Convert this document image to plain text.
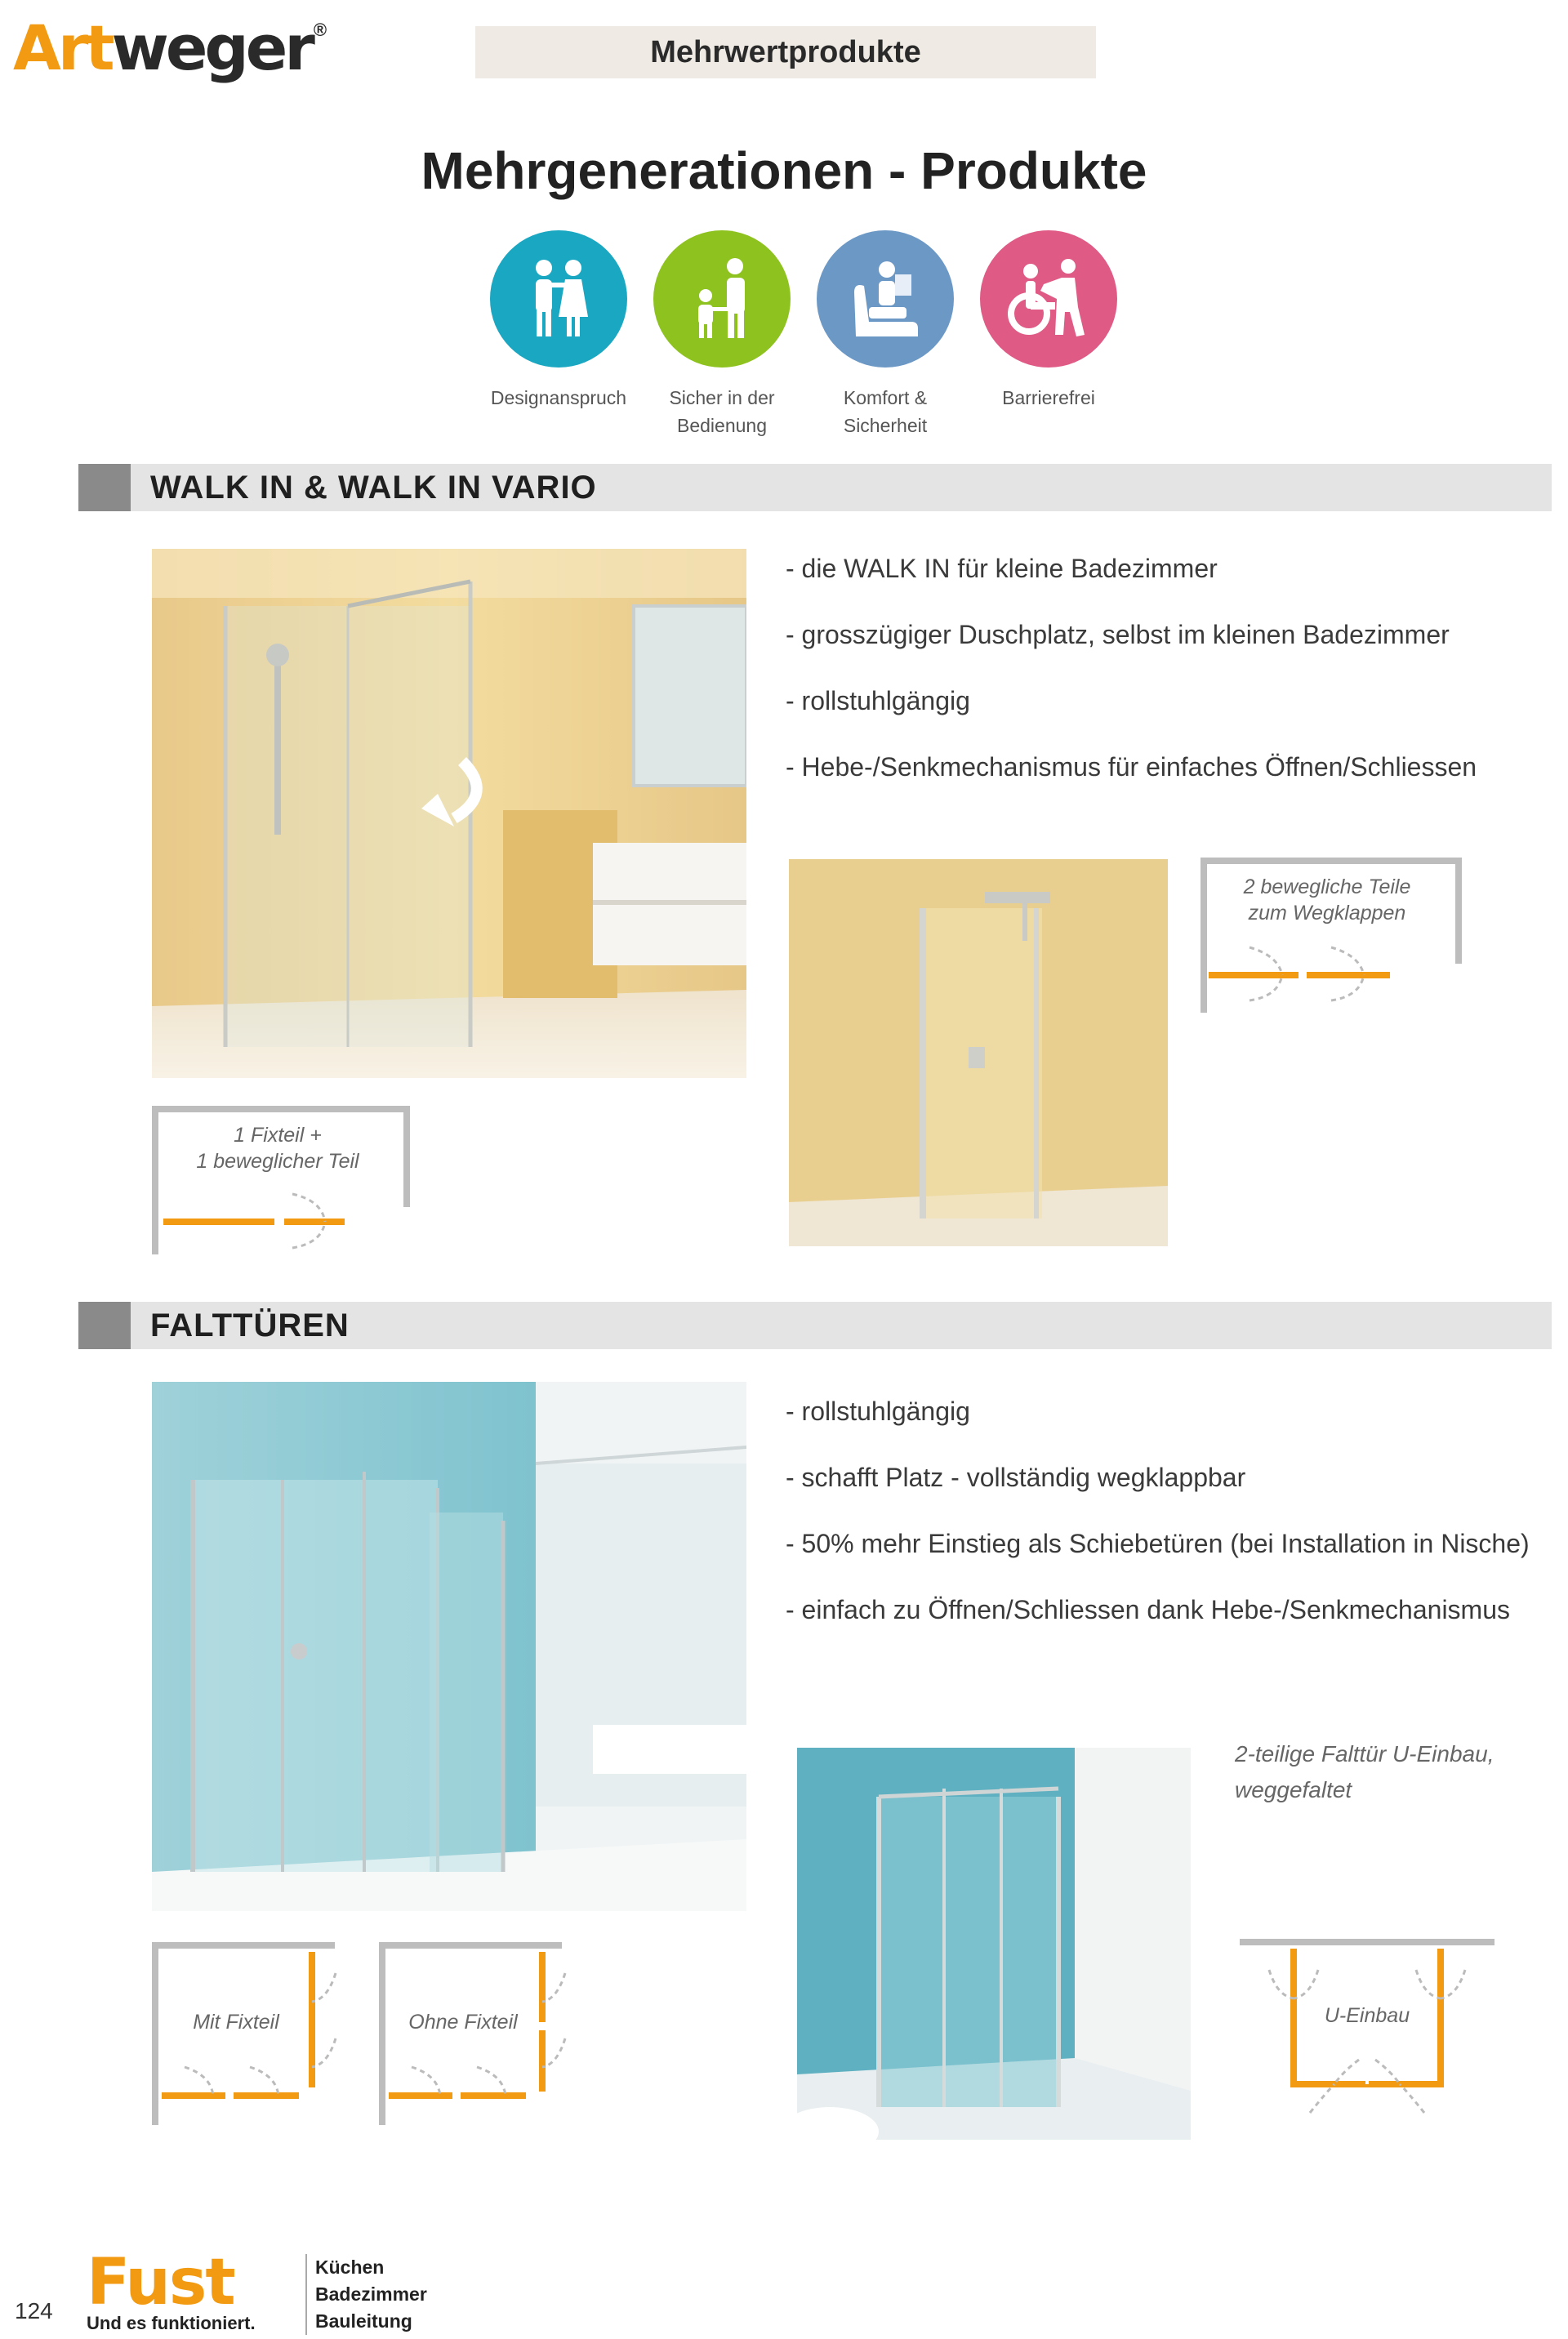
Art weger ®
Mehrwertprodukte
Mehrgenerationen - Produkte
Designanspruch Sicher in der
Bedienung
Komfort &
Sicherheit
Barrierefrei
WALK IN & WALK IN VARIO
- die WALK IN für kleine Badezimmer
- grosszügiger Duschplatz, selbst im kleinen Badezimmer
- rollstuhlgängig
- Hebe-/Senkmechanismus für einfaches Öffnen/Schliessen
2 bewegliche Teile
zum Wegklappen
1 Fixteil +
1 beweglicher Teil
FALTTÜREN
- rollstuhlgängig
- schafft Platz - vollständig wegklappbar
- 50% mehr Einstieg als Schiebetüren (bei Installation in Nische)
- einfach zu Öffnen/Schliessen dank Hebe-/Senkmechanismus
2-teilige Falttür U-Einbau,
weggefaltet
Mit Fixteil	Ohne Fixteil	U-Einbau
124 Fust
Und es funktioniert.
Küchen
Badezimmer
Bauleitung
